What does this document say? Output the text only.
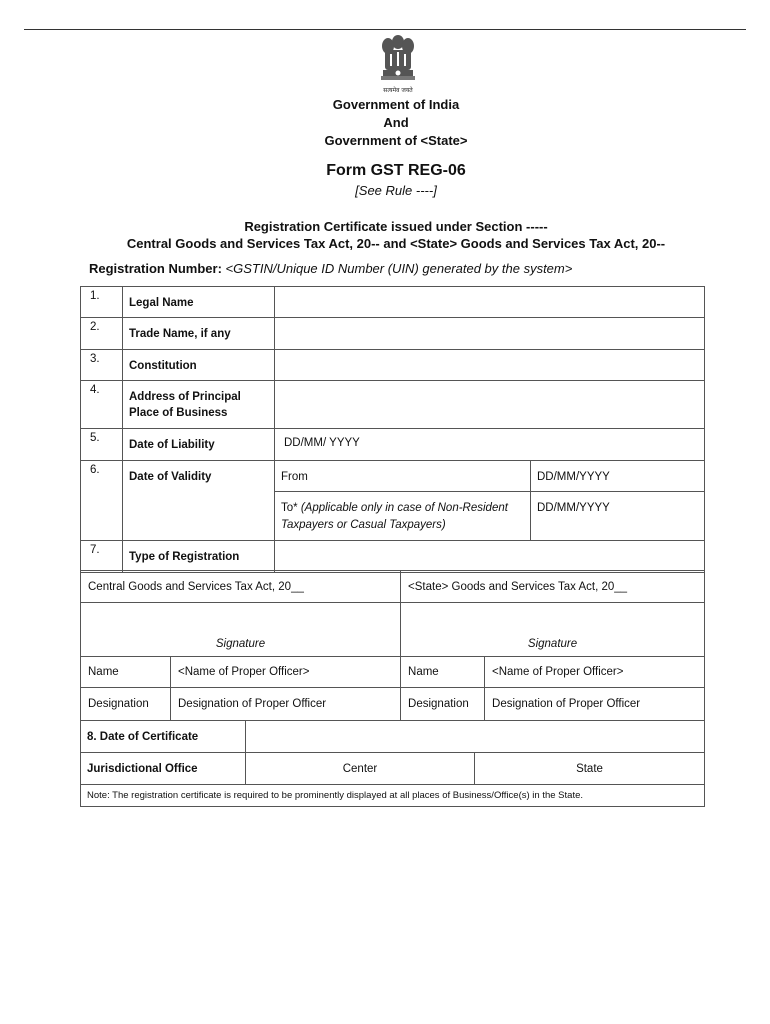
सत्यमेव जयते
Government of India
And
Government of <State>
Form GST REG-06
[See Rule ----]
Registration Certificate issued under Section -----
Central Goods and Services Tax Act, 20-- and <State> Goods and Services Tax Act, 20--
Registration Number: <GSTIN/Unique ID Number (UIN) generated by the system>
1.	Legal Name		
2.	Trade Name, if any		
3.	Constitution		
4.	Address of Principal Place of Business		
5.	Date of Liability	DD/MM/ YYYY	
6.	Date of Validity	From	DD/MM/YYYY
		To* (Applicable only in case of Non-Resident Taxpayers or Casual Taxpayers)	DD/MM/YYYY
7.	Type of Registration		
Central Goods and Services Tax Act, 20__		<State> Goods and Services Tax Act, 20__	
Signature		Signature	
Name	<Name of Proper Officer>	Name	<Name of Proper Officer>
Designation	Designation of Proper Officer	Designation	Designation of Proper Officer
8. Date of Certificate		
Jurisdictional Office	Center	State
Note: The registration certificate is required to be prominently displayed at all places of Business/Office(s) in the State.		
